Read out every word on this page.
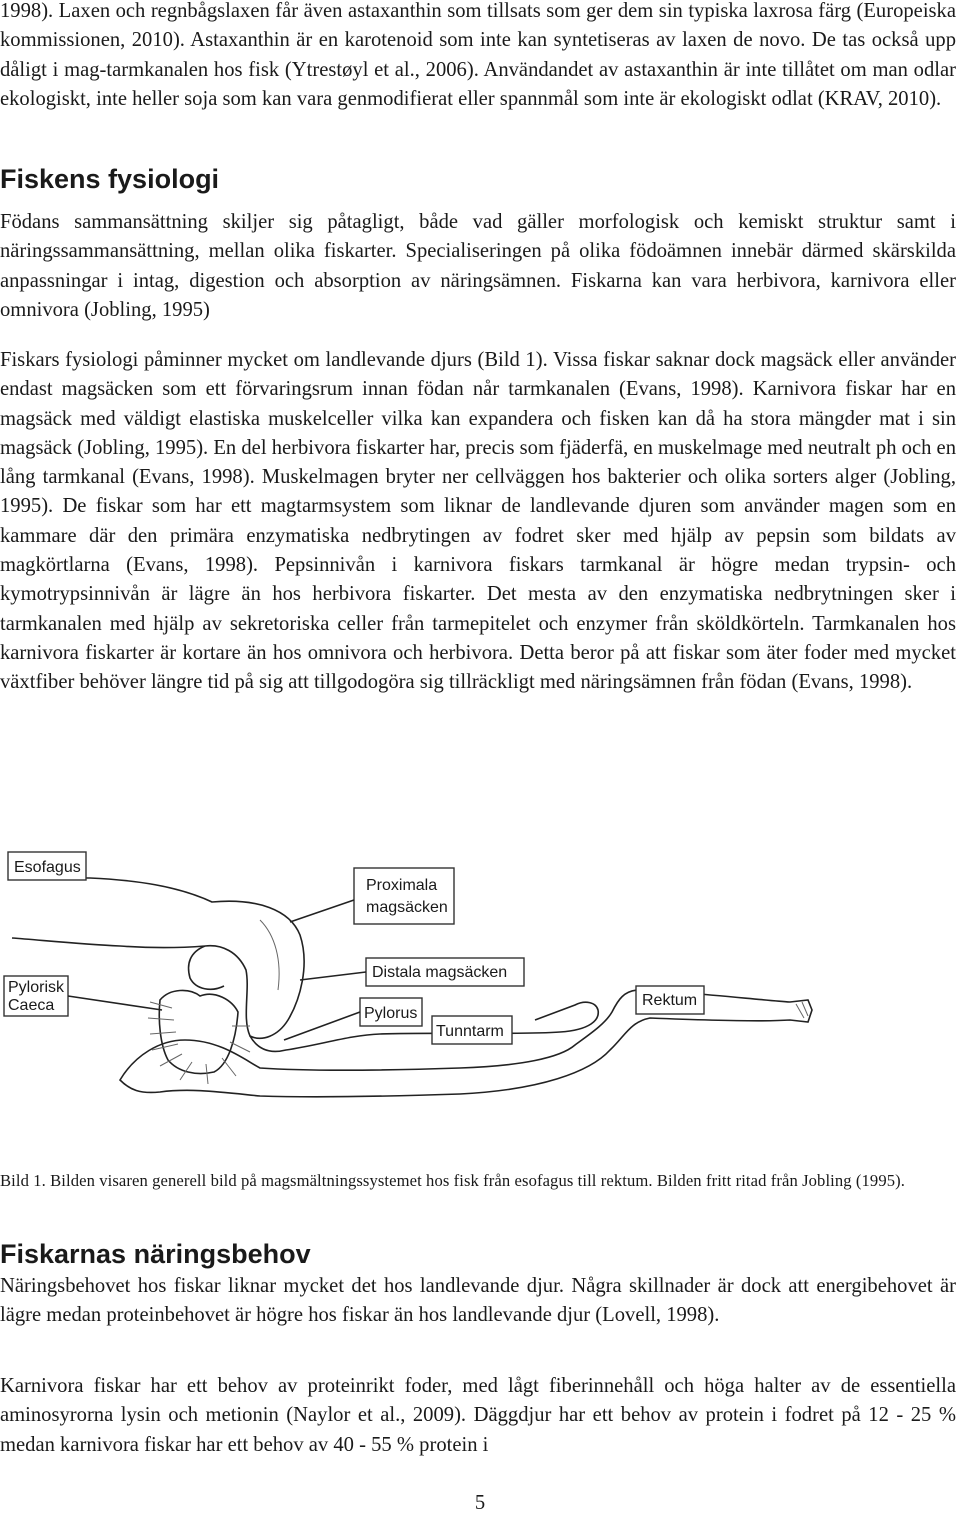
1998). Laxen och regnbågslaxen får även astaxanthin som tillsats som ger dem sin typiska laxrosa färg (Europeiska kommissionen, 2010). Astaxanthin är en karotenoid som inte kan syntetiseras av laxen de novo. De tas också upp dåligt i mag-tarmkanalen hos fisk (Ytrestøyl et al., 2006). Användandet av astaxanthin är inte tillåtet om man odlar ekologiskt, inte heller soja som kan vara genmodifierat eller spannmål som inte är ekologiskt odlat (KRAV, 2010).

Fiskens fysiologi

Födans sammansättning skiljer sig påtagligt, både vad gäller morfologisk och kemiskt struktur samt i näringssammansättning, mellan olika fiskarter. Specialiseringen på olika födoämnen innebär därmed skärskilda anpassningar i intag, digestion och absorption av näringsämnen. Fiskarna kan vara herbivora, karnivora eller omnivora (Jobling, 1995)

Fiskars fysiologi påminner mycket om landlevande djurs (Bild 1). Vissa fiskar saknar dock magsäck eller använder endast magsäcken som ett förvaringsrum innan födan når tarmkanalen (Evans, 1998). Karnivora fiskar har en magsäck med väldigt elastiska muskelceller vilka kan expandera och fisken kan då ha stora mängder mat i sin magsäck (Jobling, 1995). En del herbivora fiskarter har, precis som fjäderfä, en muskelmage med neutralt ph och en lång tarmkanal (Evans, 1998). Muskelmagen bryter ner cellväggen hos bakterier och olika sorters alger (Jobling, 1995). De fiskar som har ett magtarmsystem som liknar de landlevande djuren som använder magen som en kammare där den primära enzymatiska nedbrytingen av fodret sker med hjälp av pepsin som bildats av magkörtlarna (Evans, 1998). Pepsinnivån i karnivora fiskars tarmkanal är högre medan trypsin- och kymotrypsinnivån är lägre än hos herbivora fiskarter. Det mesta av den enzymatiska nedbrytningen sker i tarmkanalen med hjälp av sekretoriska celler från tarmepitelet och enzymer från sköldkörteln. Tarmkanalen hos karnivora fiskarter är kortare än hos omnivora och herbivora. Detta beror på att fiskar som äter foder med mycket växtfiber behöver längre tid på sig att tillgodogöra sig tillräckligt med näringsämnen från födan (Evans, 1998).

Esofagus
Proximala
magsäcken
Distala magsäcken
Pylorisk
Caeca	Pylorus
Tunntarm
Rektum

Bild 1. Bilden visaren generell bild på magsmältningssystemet hos fisk från esofagus till rektum. Bilden fritt ritad från Jobling (1995).

Fiskarnas näringsbehov

Näringsbehovet hos fiskar liknar mycket det hos landlevande djur. Några skillnader är dock att energibehovet är lägre medan proteinbehovet är högre hos fiskar än hos landlevande djur (Lovell, 1998).

Karnivora fiskar har ett behov av proteinrikt foder, med lågt fiberinnehåll och höga halter av de essentiella aminosyrorna lysin och metionin (Naylor et al., 2009). Däggdjur har ett behov av protein i fodret på 12 - 25 % medan karnivora fiskar har ett behov av 40 - 55 % protein i

5
